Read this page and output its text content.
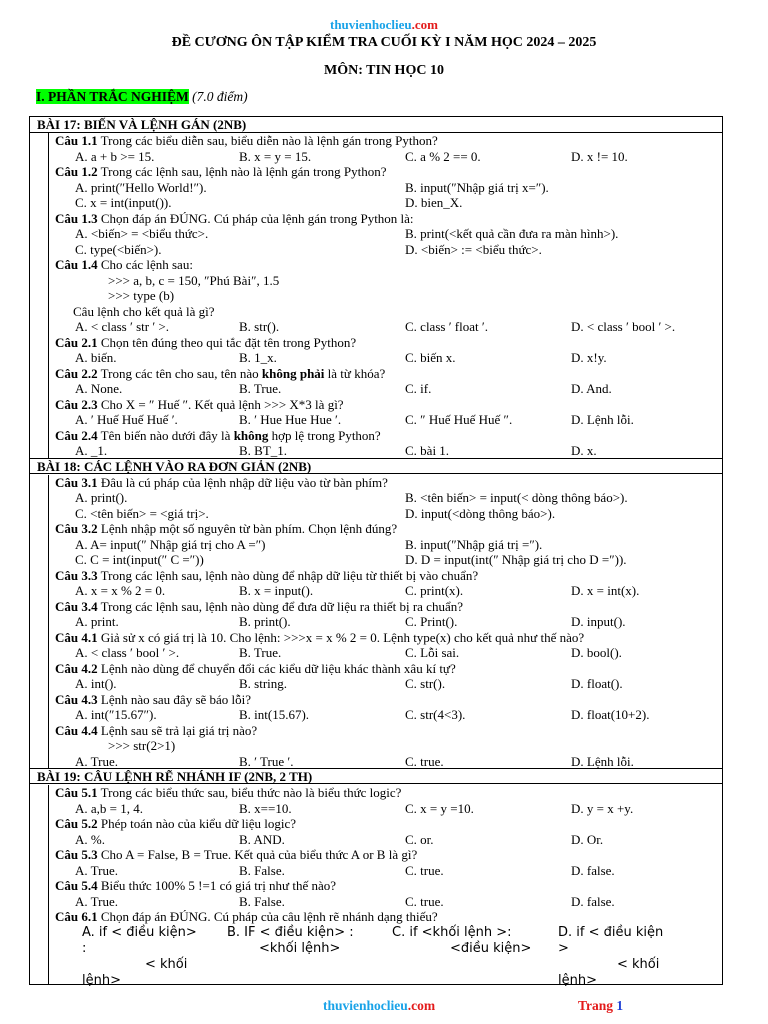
thuvienhoclieu.com
ĐỀ CƯƠNG ÔN TẬP KIỂM TRA CUỐI KỲ I NĂM HỌC 2024 – 2025
MÔN: TIN HỌC 10
I. PHẦN TRẮC NGHIỆM (7.0 điểm)
BÀI 17: BIẾN VÀ LỆNH GÁN (2NB)
Câu 1.1 Trong các biểu diễn sau, biểu diễn nào là lệnh gán trong Python?
A. a + b >= 15.	B. x = y = 15.	C. a % 2 == 0.	D. x != 10.
Câu 1.2 Trong các lệnh sau, lệnh nào là lệnh gán trong Python?
A. print(″Hello World!″).	B. input(″Nhập giá trị x=″).
C. x = int(input()).	D. bien_X.
Câu 1.3 Chọn đáp án ĐÚNG. Cú pháp của lệnh gán trong Python là:
A. <biến> = <biểu thức>.	B. print(<kết quả cần đưa ra màn hình>).
C. type(<biến>).	D. <biến> := <biểu thức>.
Câu 1.4 Cho các lệnh sau:
>>> a, b, c = 150, ″Phú Bài″, 1.5
>>> type (b)
Câu lệnh cho kết quả là gì?
A. < class ′ str ′ >.	B. str().	C. class ′ float ′.	D. < class ′ bool ′ >.
Câu 2.1 Chọn tên đúng theo qui tắc đặt tên trong Python?
A. biến.	B. 1_x.	C. biến x.	D. x!y.
Câu 2.2 Trong các tên cho sau, tên nào không phải là từ khóa?
A. None.	B. True.	C. if.	D. And.
Câu 2.3 Cho X = ″ Huế ″. Kết quả lệnh >>> X*3 là gì?
A. ′ Huế Huế Huế ′.	B. ′ Hue Hue Hue ′.	C. ″ Huế Huế Huế ″.	D. Lệnh lỗi.
Câu 2.4 Tên biến nào dưới đây là không hợp lệ trong Python?
A. _1.	B. BT_1.	C. bài 1.	D. x.
BÀI 18: CÁC LỆNH VÀO RA ĐƠN GIẢN (2NB)
Câu 3.1 Đâu là cú pháp của lệnh nhập dữ liệu vào từ bàn phím?
A. print().	B. <tên biến> = input(< dòng thông báo>).
C. <tên biến> = <giá trị>.	D. input(<dòng thông báo>).
Câu 3.2 Lệnh nhập một số nguyên từ bàn phím. Chọn lệnh đúng?
A. A= input(″ Nhập giá trị cho A =″)	B. input(″Nhập giá trị =″).
C. C = int(input(″ C =″))	D. D = input(int(″ Nhập giá trị cho D =″)).
Câu 3.3 Trong các lệnh sau, lệnh nào dùng để nhập dữ liệu từ thiết bị vào chuẩn?
A. x = x % 2 = 0.	B. x = input().	C. print(x).	D. x = int(x).
Câu 3.4 Trong các lệnh sau, lệnh nào dùng để đưa dữ liệu ra thiết bị ra chuẩn?
A. print.	B. print().	C. Print().	D. input().
Câu 4.1 Giả sử x có giá trị là 10. Cho lệnh: >>>x = x % 2 = 0. Lệnh type(x) cho kết quả như thế nào?
A. < class ′ bool ′ >.	B. True.	C. Lỗi sai.	D. bool().
Câu 4.2 Lệnh nào dùng để chuyển đổi các kiểu dữ liệu khác thành xâu kí tự?
A. int().	B. string.	C. str().	D. float().
Câu 4.3 Lệnh nào sau đây sẽ báo lỗi?
A. int(″15.67″).	B. int(15.67).	C. str(4<3).	D. float(10+2).
Câu 4.4 Lệnh sau sẽ trả lại giá trị nào?
>>> str(2>1)
A. True.	B. ′ True ′.	C. true.	D. Lệnh lỗi.
BÀI 19: CÂU LỆNH RẼ NHÁNH IF (2NB, 2 TH)
Câu 5.1 Trong các biểu thức sau, biểu thức nào là biểu thức logic?
A. a,b = 1, 4.	B. x==10.	C. x = y =10.	D. y = x +y.
Câu 5.2 Phép toán nào của kiểu dữ liệu logic?
A. %.	B. AND.	C. or.	D. Or.
Câu 5.3 Cho A = False, B = True. Kết quả của biểu thức A or B là gì?
A. True.	B. False.	C. true.	D. false.
Câu 5.4 Biểu thức 100% 5 !=1 có giá trị như thế nào?
A. True.	B. False.	C. true.	D. false.
Câu 6.1 Chọn đáp án ĐÚNG. Cú pháp của câu lệnh rẽ nhánh dạng thiếu?
A. if < điều kiện>
:
< khối
lệnh>
B. IF < điều kiện> :
<khối lệnh>
C. if <khối lệnh >:
<điều kiện>
D. if < điều kiện
>
< khối
lệnh>
thuvienhoclieu.com	Trang 1
